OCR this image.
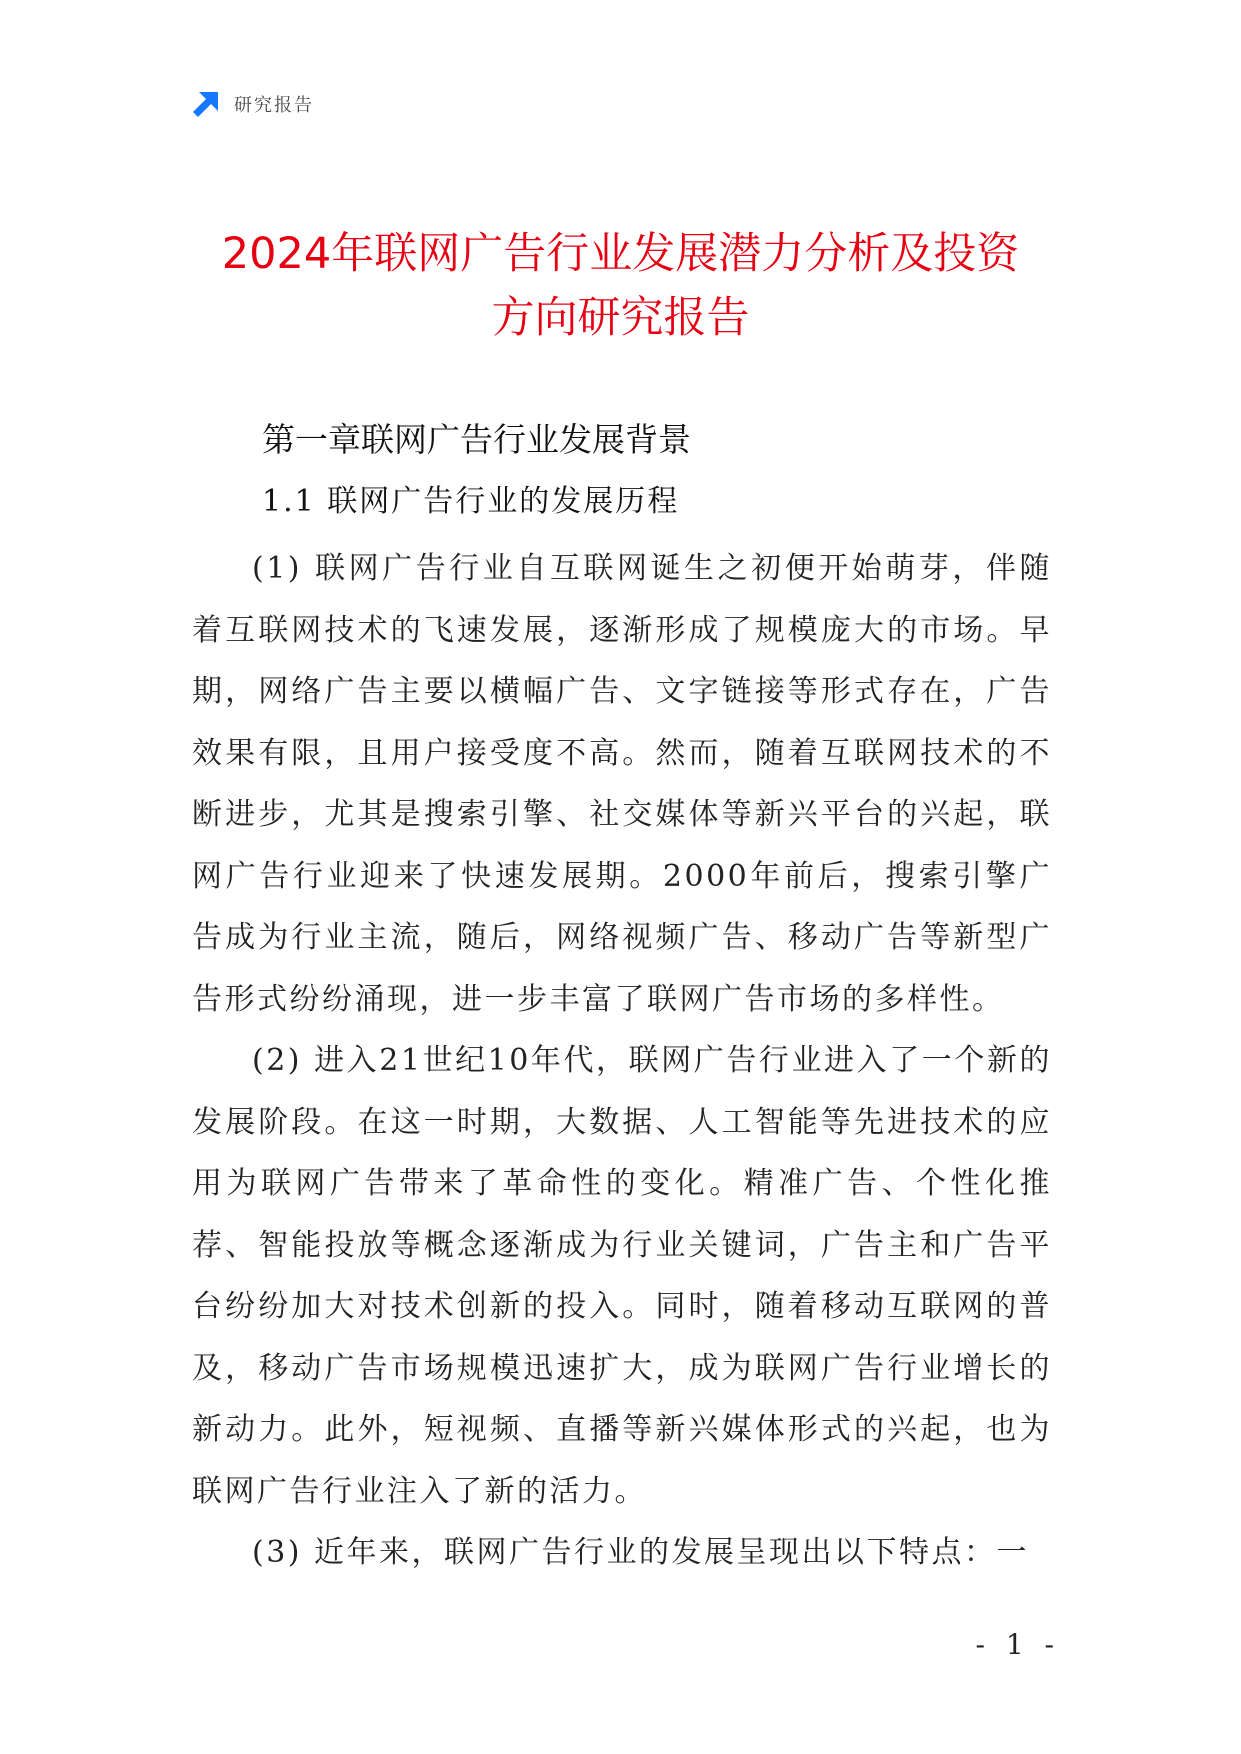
研究报告
2024年联网广告行业发展潜力分析及投资
方向研究报告
第一章联网广告行业发展背景
1.1 联网广告行业的发展历程

(1) 联网广告行业自互联网诞生之初便开始萌芽，伴随着互联网技术的飞速发展，逐渐形成了规模庞大的市场。早期，网络广告主要以横幅广告、文字链接等形式存在，广告效果有限，且用户接受度不高。然而，随着互联网技术的不断进步，尤其是搜索引擎、社交媒体等新兴平台的兴起，联网广告行业迎来了快速发展期。2000年前后，搜索引擎广告成为行业主流，随后，网络视频广告、移动广告等新型广告形式纷纷涌现，进一步丰富了联网广告市场的多样性。

(2) 进入21世纪10年代，联网广告行业进入了一个新的发展阶段。在这一时期，大数据、人工智能等先进技术的应用为联网广告带来了革命性的变化。精准广告、个性化推荐、智能投放等概念逐渐成为行业关键词，广告主和广告平台纷纷加大对技术创新的投入。同时，随着移动互联网的普及，移动广告市场规模迅速扩大，成为联网广告行业增长的新动力。此外，短视频、直播等新兴媒体形式的兴起，也为联网广告行业注入了新的活力。

(3) 近年来，联网广告行业的发展呈现出以下特点：一

- 1 -
